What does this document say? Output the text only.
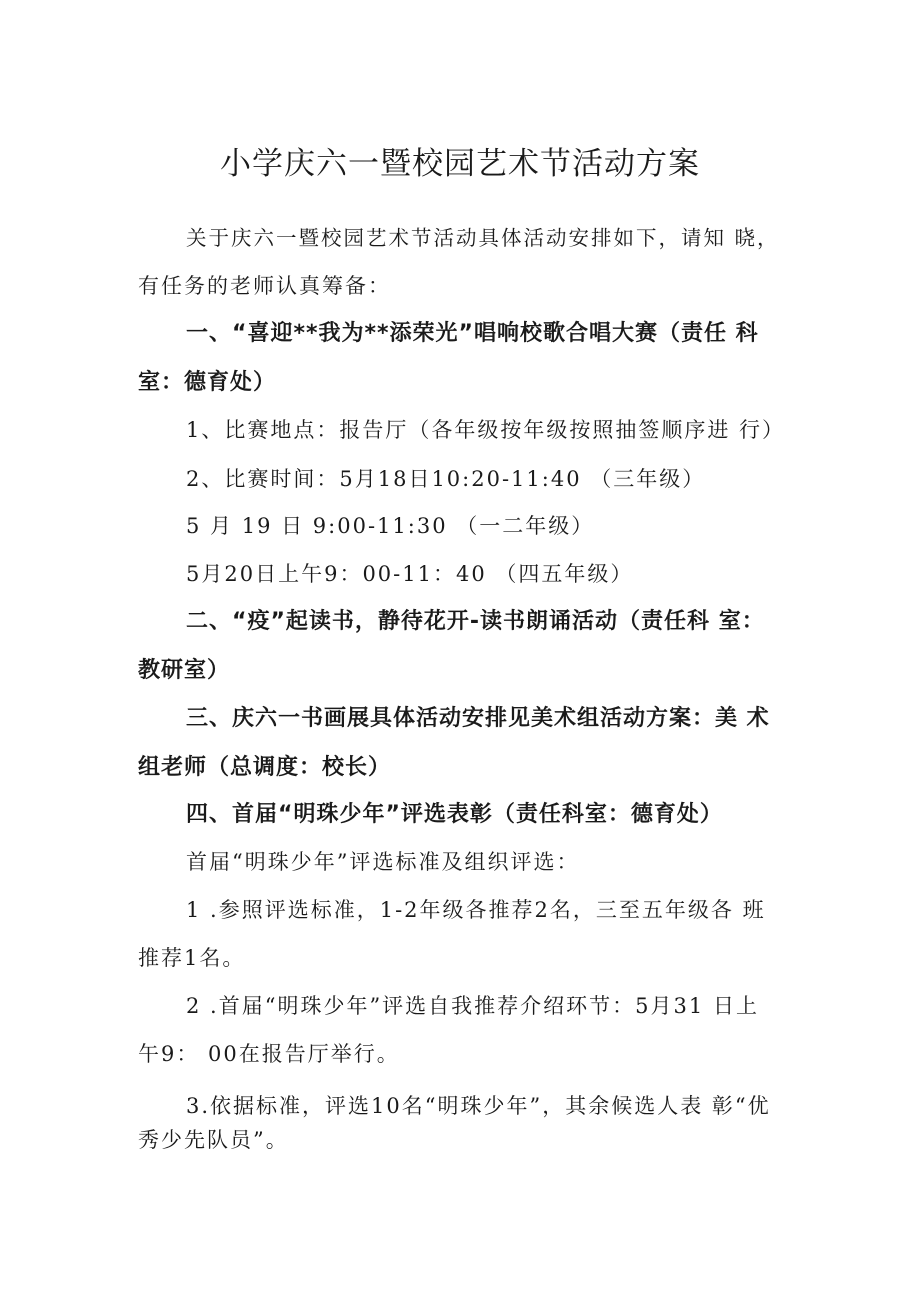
小学庆六一暨校园艺术节活动方案
关于庆六一暨校园艺术节活动具体活动安排如下，请知 晓，
有任务的老师认真筹备：
一、“喜迎**我为**添荣光”唱响校歌合唱大赛（责任 科
室：德育处）
1、比赛地点：报告厅（各年级按年级按照抽签顺序进 行）
2、比赛时间：5月18日10:20-11:40 （三年级）
5 月 19 日 9:00-11:30 （一二年级）
5月20日上午9：00-11：40 （四五年级）
二、“疫”起读书，静待花开-读书朗诵活动（责任科 室：
教研室）
三、庆六一书画展具体活动安排见美术组活动方案：美 术
组老师（总调度：校长）
四、首届“明珠少年”评选表彰（责任科室：德育处）
首届“明珠少年”评选标准及组织评选：
1 .参照评选标准，1-2年级各推荐2名，三至五年级各 班
推荐1名。
2 .首届“明珠少年”评选自我推荐介绍环节：5月31 日上
午9： 00在报告厅举行。
3.依据标准，评选10名“明珠少年”，其余候选人表 彰“优
秀少先队员”。
